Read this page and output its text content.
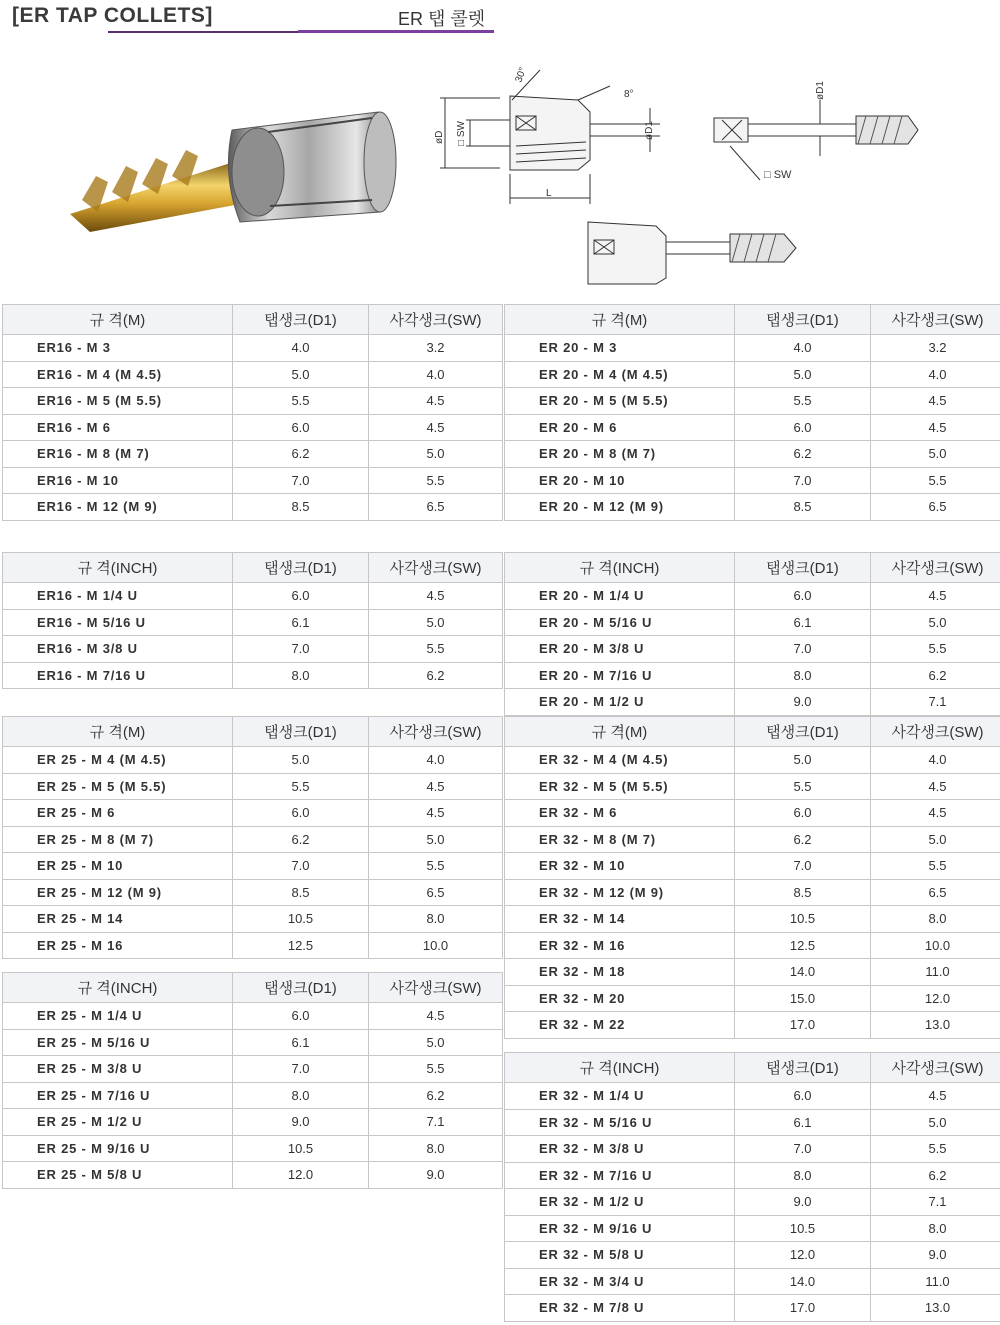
[ER TAP COLLETS]	ER 탭 콜렛
30°
8°
øD □ SW	øD1
L
øD1
□ SW
규 격(M)	탭생크(D1)	사각생크(SW)
ER16 - M 3	4.0	3.2
ER16 - M 4 (M 4.5)	5.0	4.0
ER16 - M 5 (M 5.5)	5.5	4.5
ER16 - M 6	6.0	4.5
ER16 - M 8 (M 7)	6.2	5.0
ER16 - M 10	7.0	5.5
ER16 - M 12 (M 9)	8.5	6.5
규 격(M)	탭생크(D1)	사각생크(SW)
ER 20 - M 3	4.0	3.2
ER 20 - M 4 (M 4.5)	5.0	4.0
ER 20 - M 5 (M 5.5)	5.5	4.5
ER 20 - M 6	6.0	4.5
ER 20 - M 8 (M 7)	6.2	5.0
ER 20 - M 10	7.0	5.5
ER 20 - M 12 (M 9)	8.5	6.5
규 격(INCH)	탭생크(D1)	사각생크(SW)
ER16 - M 1/4 U	6.0	4.5
ER16 - M 5/16 U	6.1	5.0
ER16 - M 3/8 U	7.0	5.5
ER16 - M 7/16 U	8.0	6.2
규 격(INCH)	탭생크(D1)	사각생크(SW)
ER 20 - M 1/4 U	6.0	4.5
ER 20 - M 5/16 U	6.1	5.0
ER 20 - M 3/8 U	7.0	5.5
ER 20 - M 7/16 U	8.0	6.2
ER 20 - M 1/2 U	9.0	7.1
규 격(M)	탭생크(D1)	사각생크(SW)
ER 25 - M 4 (M 4.5)	5.0	4.0
ER 25 - M 5 (M 5.5)	5.5	4.5
ER 25 - M 6	6.0	4.5
ER 25 - M 8 (M 7)	6.2	5.0
ER 25 - M 10	7.0	5.5
ER 25 - M 12 (M 9)	8.5	6.5
ER 25 - M 14	10.5	8.0
ER 25 - M 16	12.5	10.0
규 격(M)	탭생크(D1)	사각생크(SW)
ER 32 - M 4 (M 4.5)	5.0	4.0
ER 32 - M 5 (M 5.5)	5.5	4.5
ER 32 - M 6	6.0	4.5
ER 32 - M 8 (M 7)	6.2	5.0
ER 32 - M 10	7.0	5.5
ER 32 - M 12 (M 9)	8.5	6.5
ER 32 - M 14	10.5	8.0
ER 32 - M 16	12.5	10.0
ER 32 - M 18	14.0	11.0
ER 32 - M 20	15.0	12.0
ER 32 - M 22	17.0	13.0
규 격(INCH)	탭생크(D1)	사각생크(SW)
ER 25 - M 1/4 U	6.0	4.5
ER 25 - M 5/16 U	6.1	5.0
ER 25 - M 3/8 U	7.0	5.5
ER 25 - M 7/16 U	8.0	6.2
ER 25 - M 1/2 U	9.0	7.1
ER 25 - M 9/16 U	10.5	8.0
ER 25 - M 5/8 U	12.0	9.0
규 격(INCH)	탭생크(D1)	사각생크(SW)
ER 32 - M 1/4 U	6.0	4.5
ER 32 - M 5/16 U	6.1	5.0
ER 32 - M 3/8 U	7.0	5.5
ER 32 - M 7/16 U	8.0	6.2
ER 32 - M 1/2 U	9.0	7.1
ER 32 - M 9/16 U	10.5	8.0
ER 32 - M 5/8 U	12.0	9.0
ER 32 - M 3/4 U	14.0	11.0
ER 32 - M 7/8 U	17.0	13.0
